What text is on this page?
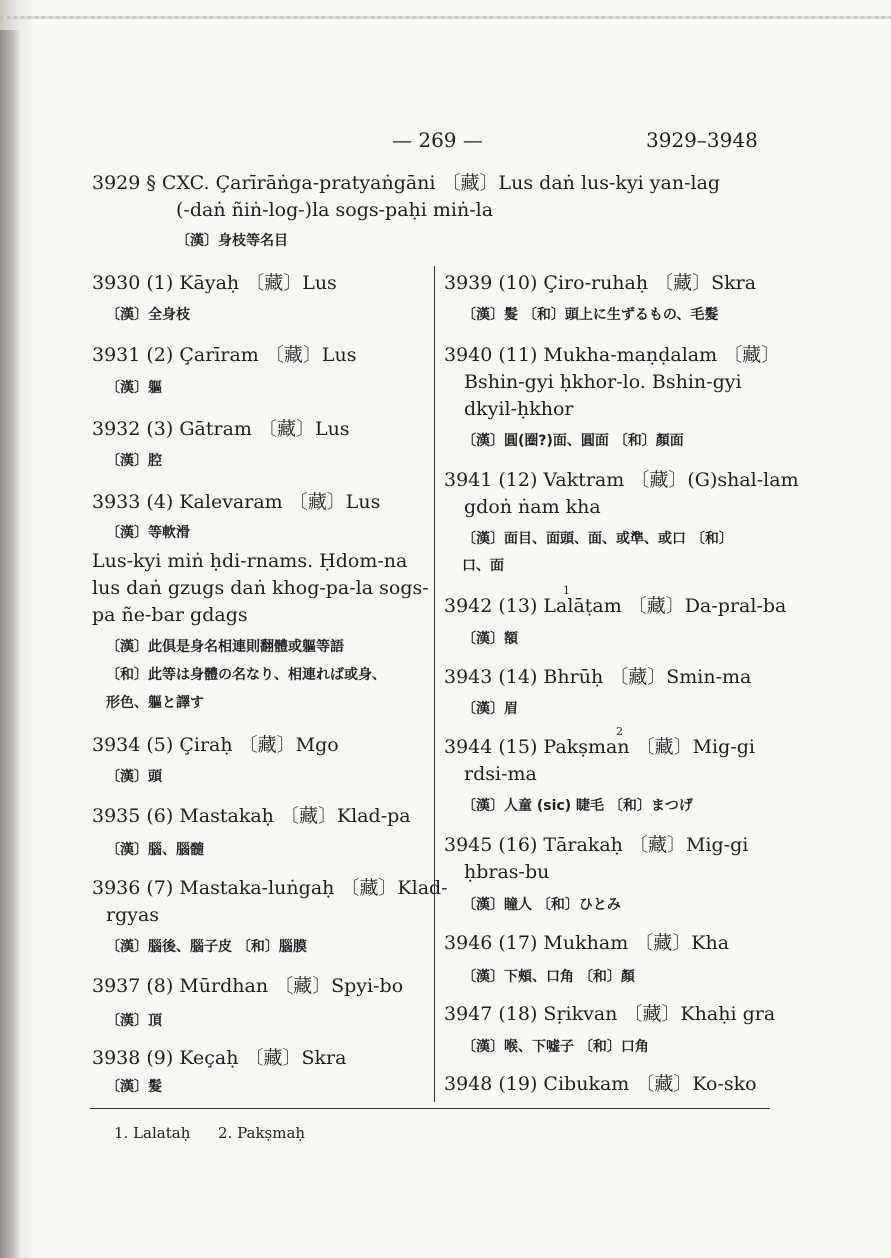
— 269 —	3929–3948
3929 § CXC. Çarīrāṅga-pratyaṅgāni 〔藏〕Lus daṅ lus-kyi yan-lag
(-daṅ ñiṅ-log-)la sogs-paḥi miṅ-la
〔漢〕身枝等名目
3930 (1) Kāyaḥ 〔藏〕Lus
〔漢〕全身枝
3931 (2) Çarīram 〔藏〕Lus
〔漢〕軀
3932 (3) Gātram 〔藏〕Lus
〔漢〕腔
3933 (4) Kalevaram 〔藏〕Lus
〔漢〕等軟滑
Lus-kyi miṅ ḥdi-rnams. Ḥdom-na
lus daṅ gzugs daṅ khog-pa-la sogs-
pa ñe-bar gdags
〔漢〕此俱是身名相連則翻體或軀等語
〔和〕此等は身體の名なり、相連れば或身、
形色、軀と譯す
3934 (5) Çiraḥ 〔藏〕Mgo
〔漢〕頭
3935 (6) Mastakaḥ 〔藏〕Klad-pa
〔漢〕腦、腦髓
3936 (7) Mastaka-luṅgaḥ 〔藏〕Klad-
rgyas
〔漢〕腦後、腦子皮 〔和〕腦膜
3937 (8) Mūrdhan 〔藏〕Spyi-bo
〔漢〕頂
3938 (9) Keçaḥ 〔藏〕Skra
〔漢〕髮
3939 (10) Çiro-ruhaḥ 〔藏〕Skra
〔漢〕髮 〔和〕頭上に生ずるもの、毛髮
3940 (11) Mukha-maṇḍalam 〔藏〕
Bshin-gyi ḥkhor-lo. Bshin-gyi
dkyil-ḥkhor
〔漢〕圓(圈?)面、圓面 〔和〕顏面
3941 (12) Vaktram 〔藏〕(G)shal-lam
gdoṅ ṅam kha
〔漢〕面目、面頭、面、或準、或口 〔和〕
口、面
1
3942 (13) Lalāṭam 〔藏〕Da-pral-ba
〔漢〕額
3943 (14) Bhrūḥ 〔藏〕Smin-ma
〔漢〕眉
2
3944 (15) Pakṣman 〔藏〕Mig-gi
rdsi-ma
〔漢〕人童 (sic) 睫毛 〔和〕まつげ
3945 (16) Tārakaḥ 〔藏〕Mig-gi
ḥbras-bu
〔漢〕瞳人 〔和〕ひとみ
3946 (17) Mukham 〔藏〕Kha
〔漢〕下頰、口角 〔和〕顏
3947 (18) Sṛikvan 〔藏〕Khaḥi gra
〔漢〕喉、下嘘子 〔和〕口角
3948 (19) Cibukam 〔藏〕Ko-sko
1. Lalataḥ 2. Pakṣmaḥ
